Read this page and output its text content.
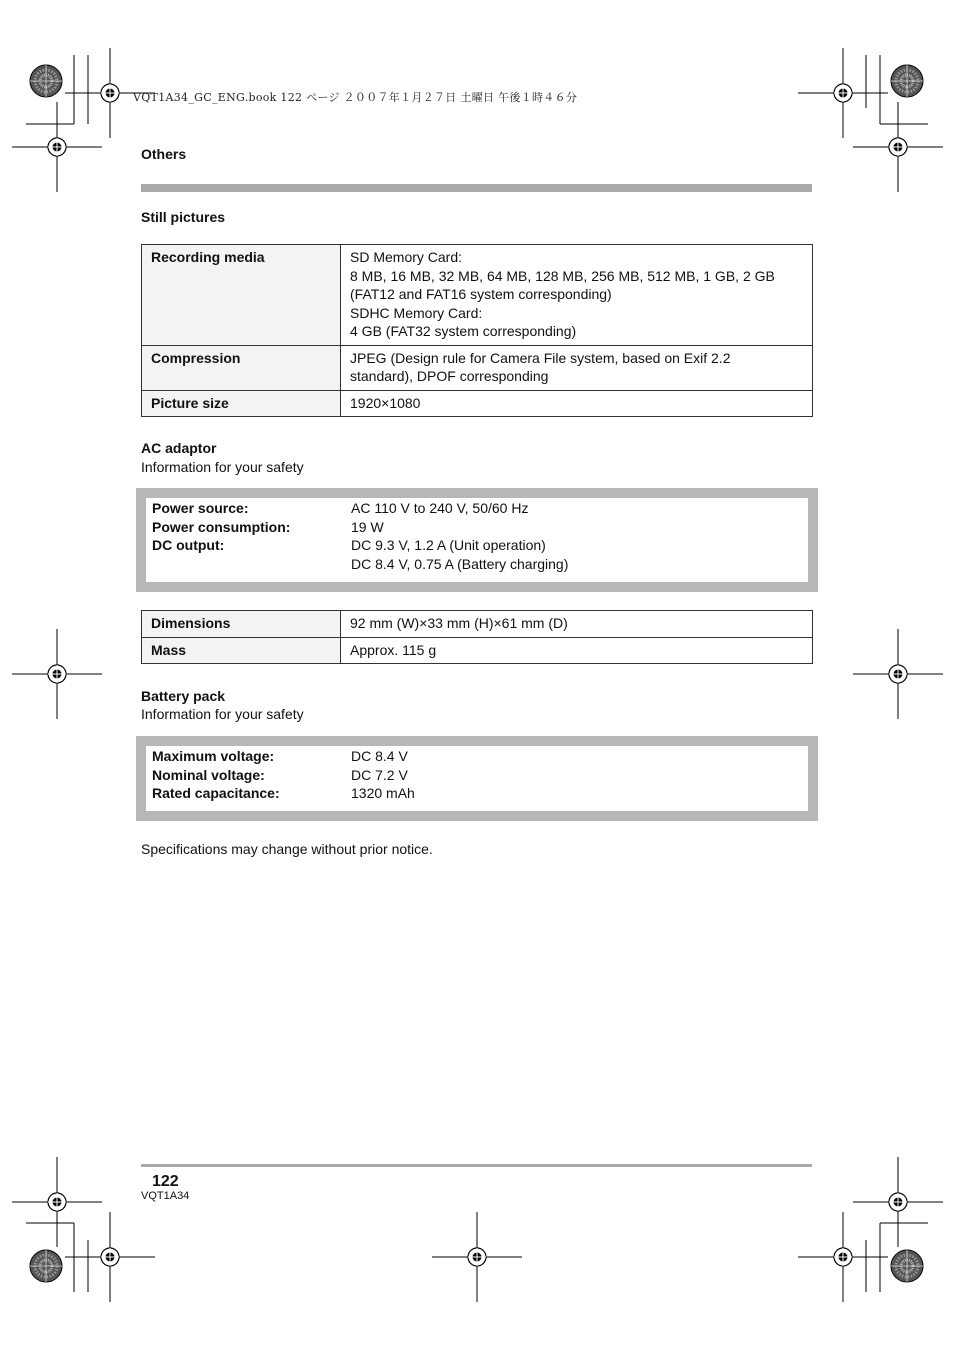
VQT1A34_GC_ENG.book 122 ページ ２００７年１月２７日 土曜日 午後１時４６分
Others
Still pictures
Recording media	SD Memory Card:
8 MB, 16 MB, 32 MB, 64 MB, 128 MB, 256 MB, 512 MB, 1 GB, 2 GB
(FAT12 and FAT16 system corresponding)
SDHC Memory Card:
4 GB (FAT32 system corresponding)

Compression	JPEG (Design rule for Camera File system, based on Exif 2.2
standard), DPOF corresponding

Picture size	1920×1080
AC adaptor
Information for your safety
Power source:	AC 110 V to 240 V, 50/60 Hz
Power consumption:	19 W
DC output:	DC 9.3 V, 1.2 A (Unit operation)
DC 8.4 V, 0.75 A (Battery charging)
Dimensions	92 mm (W)×33 mm (H)×61 mm (D)
Mass	Approx. 115 g
Battery pack
Information for your safety
Maximum voltage:	DC 8.4 V
Nominal voltage:	DC 7.2 V
Rated capacitance:	1320 mAh
Specifications may change without prior notice.
122
VQT1A34
